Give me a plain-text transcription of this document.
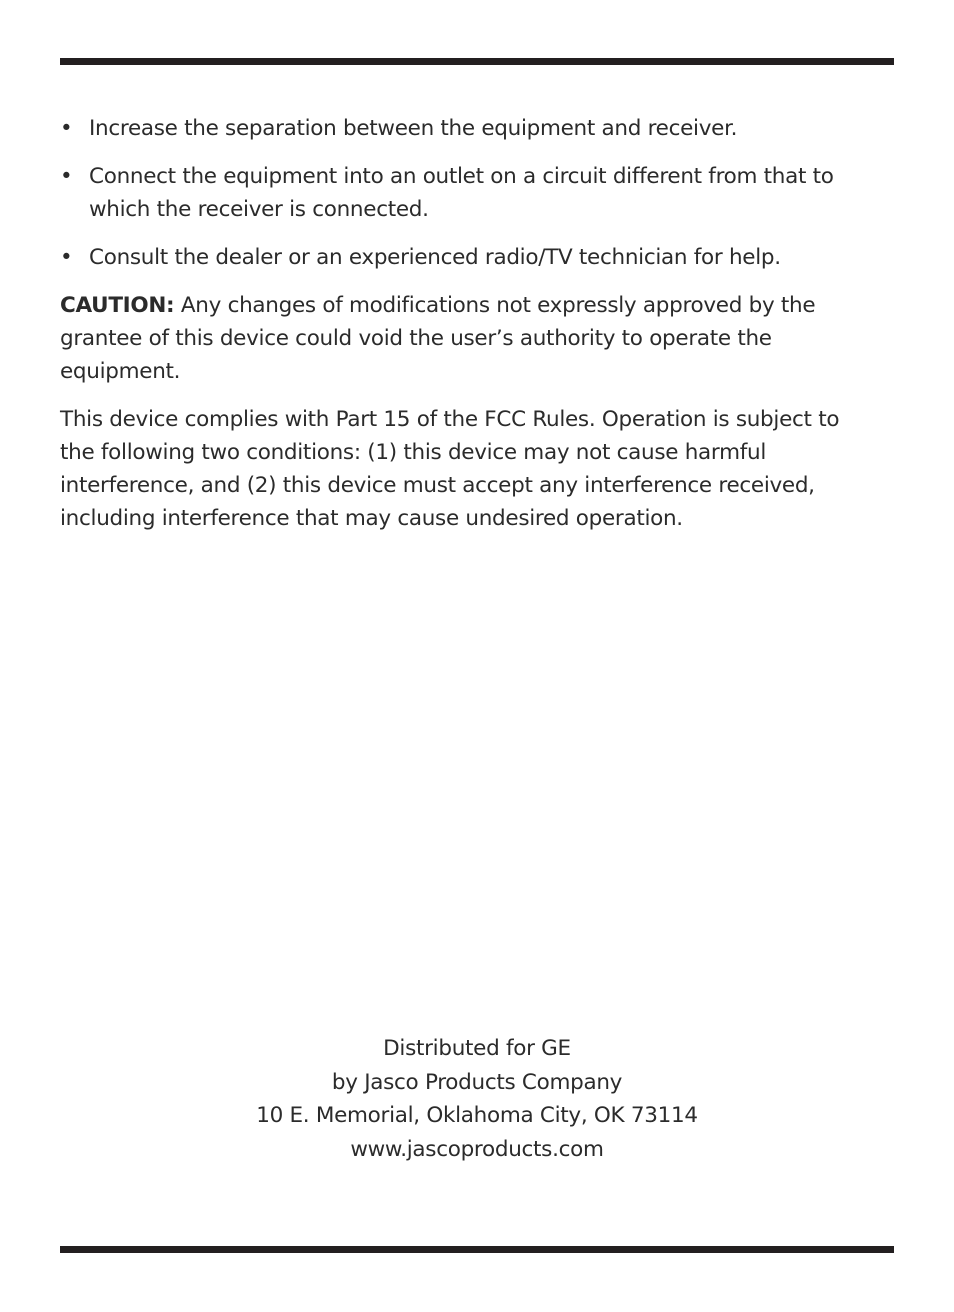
• Increase the separation between the equipment and receiver.
• Connect the equipment into an outlet on a circuit different from that to which the receiver is connected.
• Consult the dealer or an experienced radio/TV technician for help.

CAUTION: Any changes of modifications not expressly approved by the grantee of this device could void the user’s authority to operate the equipment.

This device complies with Part 15 of the FCC Rules. Operation is subject to the following two conditions: (1) this device may not cause harmful interference, and (2) this device must accept any interference received, including interference that may cause undesired operation.

Distributed for GE
by Jasco Products Company
10 E. Memorial, Oklahoma City, OK 73114
www.jascoproducts.com
